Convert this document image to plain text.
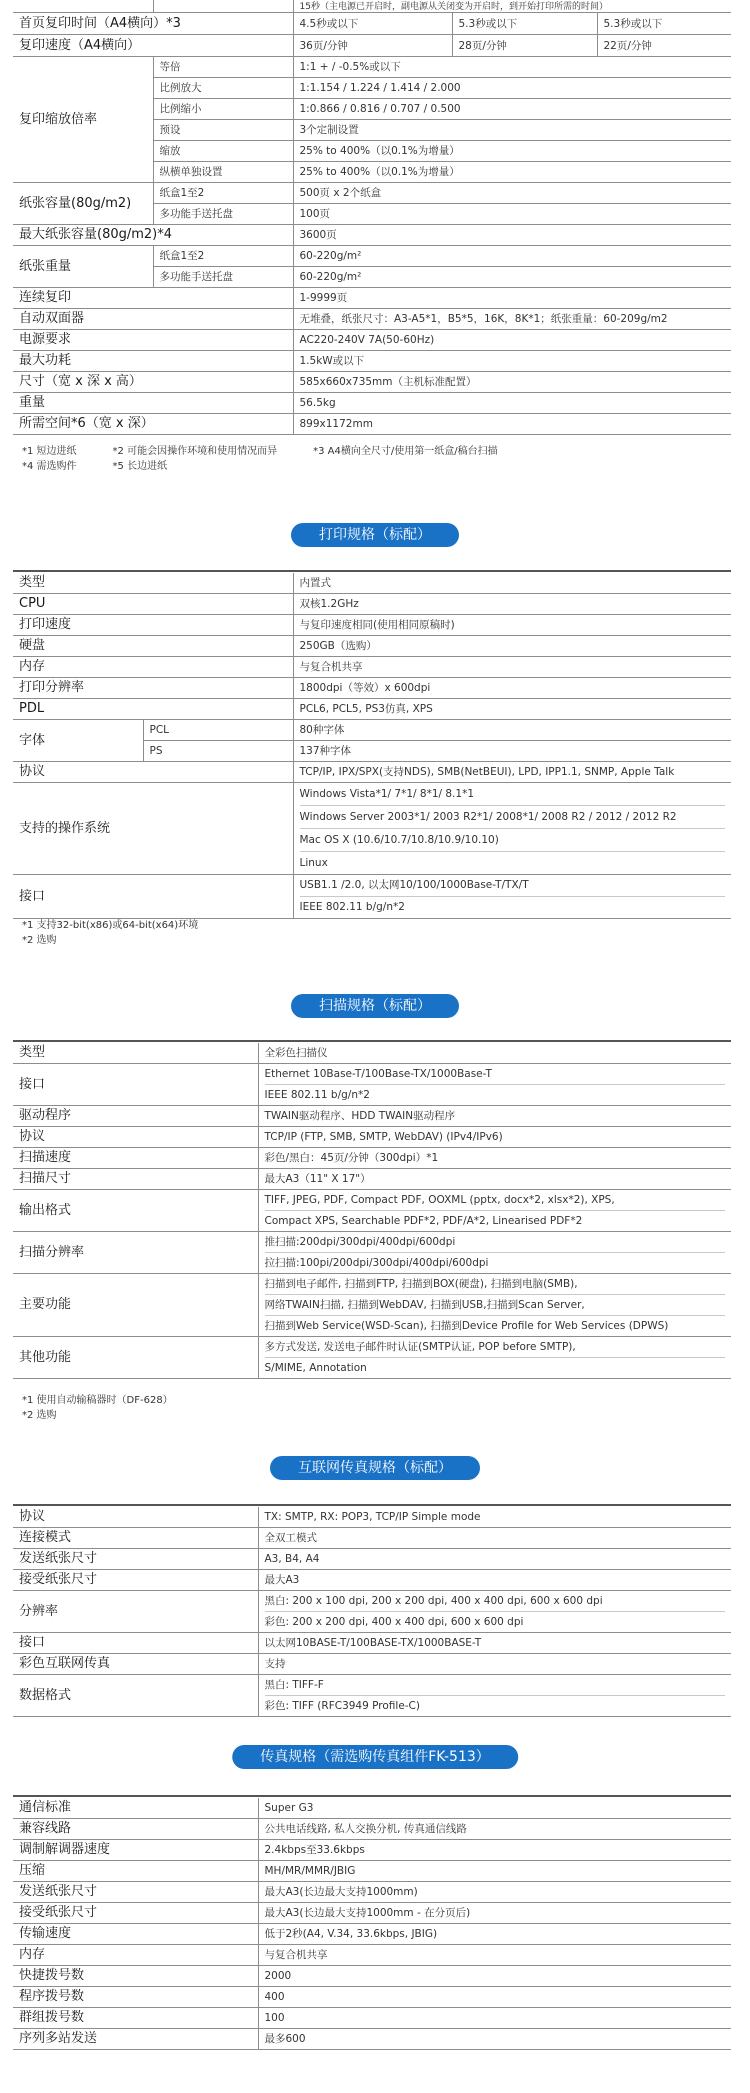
		15秒（主电源已开启时，副电源从关闭变为开启时，到开始打印所需的时间）		
首页复印时间（A4横向）*3		4.5秒或以下	5.3秒或以下	5.3秒或以下
复印速度（A4横向）		36页/分钟	28页/分钟	22页/分钟
复印缩放倍率	等倍	1:1 + / -0.5%或以下		
	比例放大	1:1.154 / 1.224 / 1.414 / 2.000		
	比例缩小	1:0.866 / 0.816 / 0.707 / 0.500		
	预设	3个定制设置		
	缩放	25% to 400%（以0.1%为增量）		
	纵横单独设置	25% to 400%（以0.1%为增量）		
纸张容量(80g/m2)	纸盒1至2	500页 x 2个纸盒		
	多功能手送托盘	100页		
最大纸张容量(80g/m2)*4		3600页		
纸张重量	纸盒1至2	60-220g/m²		
	多功能手送托盘	60-220g/m²		
连续复印		1-9999页		
自动双面器		无堆叠，纸张尺寸：A3-A5*1，B5*5，16K，8K*1；纸张重量：60-209g/m2		
电源要求		AC220-240V 7A(50-60Hz)		
最大功耗		1.5kW或以下		
尺寸（宽 x 深 x 高）		585x660x735mm（主机标准配置）		
重量		56.5kg		
所需空间*6（宽 x 深）		899x1172mm		
*1 短边进纸	*2 可能会因操作环境和使用情况而异	*3 A4横向全尺寸/使用第一纸盒/稿台扫描
*4 需选购件	*5 长边进纸
打印规格（标配）

类型		内置式
CPU		双核1.2GHz
打印速度		与复印速度相同(使用相同原稿时)
硬盘		250GB（选购）
内存		与复合机共享
打印分辨率		1800dpi（等效）x 600dpi
PDL		PCL6, PCL5, PS3仿真, XPS
字体	PCL	80种字体
	PS	137种字体
协议		TCP/IP, IPX/SPX(支持NDS), SMB(NetBEUI), LPD, IPP1.1, SNMP, Apple Talk
支持的操作系统		Windows Vista*1/ 7*1/ 8*1/ 8.1*1
Windows Server 2003*1/ 2003 R2*1/ 2008*1/ 2008 R2 / 2012 / 2012 R2
Mac OS X (10.6/10.7/10.8/10.9/10.10)
Linux

接口		USB1.1 /2.0, 以太网10/100/1000Base-T/TX/T
IEEE 802.11 b/g/n*2
*1 支持32-bit(x86)或64-bit(x64)环境
*2 选购
扫描规格（标配）

类型	全彩色扫描仪
接口	Ethernet 10Base-T/100Base-TX/1000Base-T
IEEE 802.11 b/g/n*2

驱动程序	TWAIN驱动程序、HDD TWAIN驱动程序
协议	TCP/IP (FTP, SMB, SMTP, WebDAV) (IPv4/IPv6)
扫描速度	彩色/黑白：45页/分钟（300dpi）*1
扫描尺寸	最大A3（11" X 17"）
输出格式	TIFF, JPEG, PDF, Compact PDF, OOXML (pptx, docx*2, xlsx*2), XPS,
Compact XPS, Searchable PDF*2, PDF/A*2, Linearised PDF*2

扫描分辨率	推扫描:200dpi/300dpi/400dpi/600dpi
拉扫描:100pi/200dpi/300dpi/400dpi/600dpi

主要功能	扫描到电子邮件, 扫描到FTP, 扫描到BOX(硬盘), 扫描到电脑(SMB),
网络TWAIN扫描, 扫描到WebDAV, 扫描到USB,扫描到Scan Server,
扫描到Web Service(WSD-Scan), 扫描到Device Profile for Web Services (DPWS)

其他功能	多方式发送, 发送电子邮件时认证(SMTP认证, POP before SMTP),
S/MIME, Annotation
*1 使用自动输稿器时（DF-628）
*2 选购
互联网传真规格（标配）

协议	TX: SMTP, RX: POP3, TCP/IP Simple mode
连接模式	全双工模式
发送纸张尺寸	A3, B4, A4
接受纸张尺寸	最大A3
分辨率	黑白: 200 x 100 dpi, 200 x 200 dpi, 400 x 400 dpi, 600 x 600 dpi
彩色: 200 x 200 dpi, 400 x 400 dpi, 600 x 600 dpi

接口	以太网10BASE-T/100BASE-TX/1000BASE-T
彩色互联网传真	支持
数据格式	黑白: TIFF-F
彩色: TIFF (RFC3949 Profile-C)
传真规格（需选购传真组件FK-513）

通信标准	Super G3
兼容线路	公共电话线路, 私人交换分机, 传真通信线路
调制解调器速度	2.4kbps至33.6kbps
压缩	MH/MR/MMR/JBIG
发送纸张尺寸	最大A3(长边最大支持1000mm)
接受纸张尺寸	最大A3(长边最大支持1000mm - 在分页后)
传输速度	低于2秒(A4, V.34, 33.6kbps, JBIG)
内存	与复合机共享
快捷拨号数	2000
程序拨号数	400
群组拨号数	100
序列多站发送	最多600
